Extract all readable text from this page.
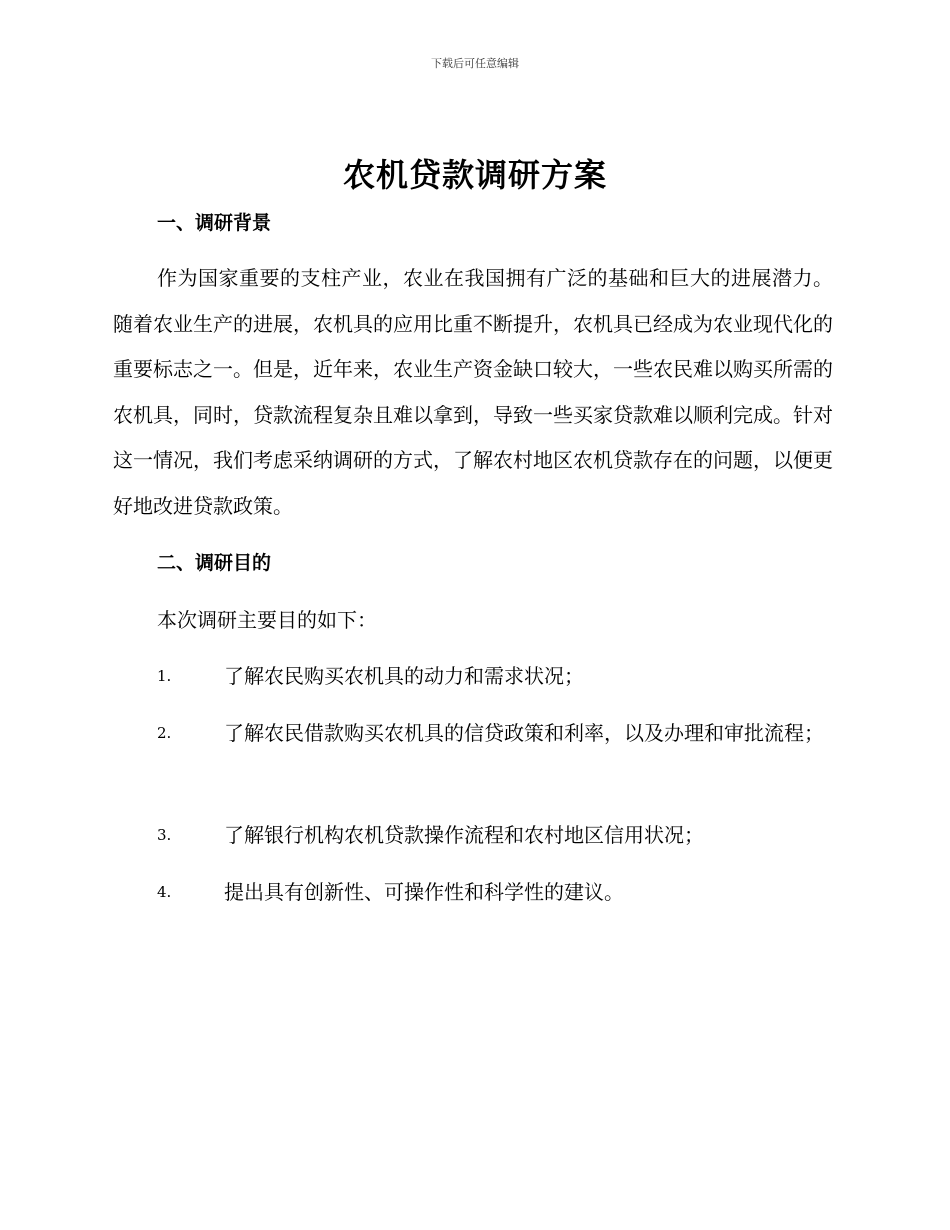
下载后可任意编辑
农机贷款调研方案
一、调研背景

作为国家重要的支柱产业，农业在我国拥有广泛的基础和巨大的进展潜力。随着农业生产的进展，农机具的应用比重不断提升，农机具已经成为农业现代化的重要标志之一。但是，近年来，农业生产资金缺口较大，一些农民难以购买所需的农机具，同时，贷款流程复杂且难以拿到，导致一些买家贷款难以顺利完成。针对这一情况，我们考虑采纳调研的方式，了解农村地区农机贷款存在的问题，以便更好地改进贷款政策。

二、调研目的

本次调研主要目的如下：

1.	了解农民购买农机具的动力和需求状况；
2.	了解农民借款购买农机具的信贷政策和利率，以及办理和审批流程；
3.	了解银行机构农机贷款操作流程和农村地区信用状况；
4.	提出具有创新性、可操作性和科学性的建议。
